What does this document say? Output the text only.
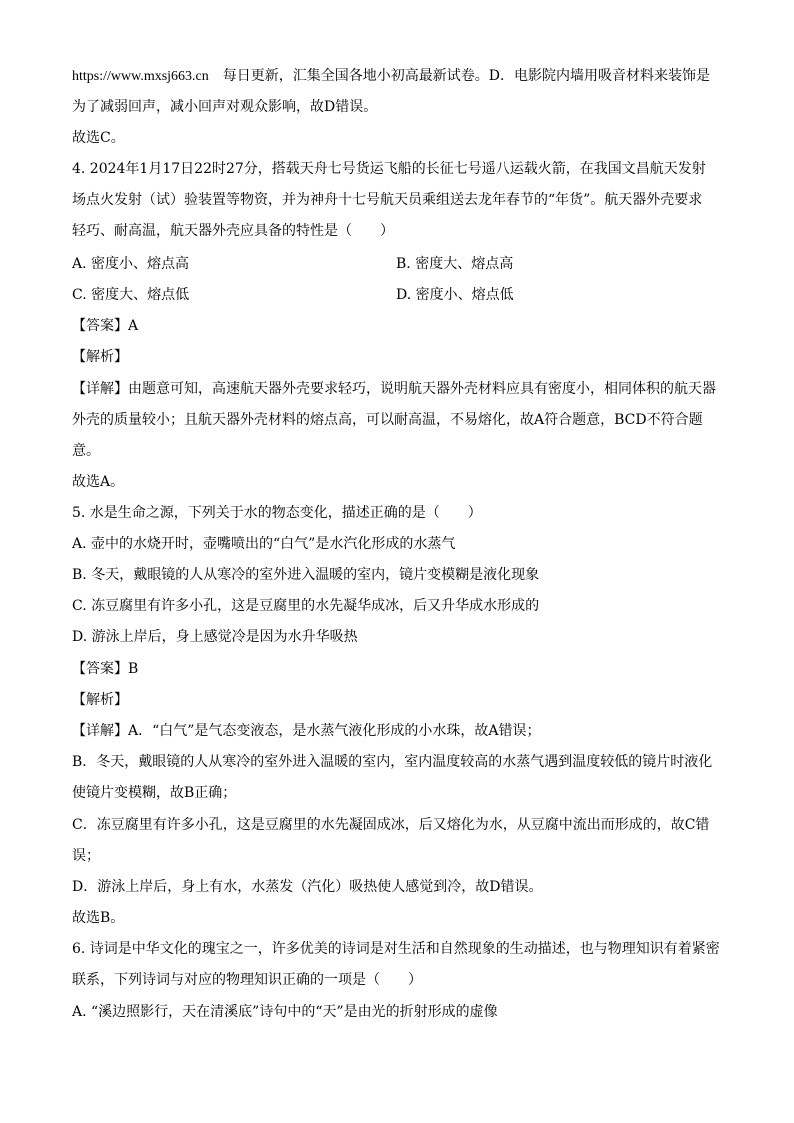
https://www.mxsj663.cn 每日更新，汇集全国各地小初高最新试卷。D．电影院内墙用吸音材料来装饰是
为了减弱回声，减小回声对观众影响，故D错误。
故选C。
4. 2024年1月17日22时27分，搭载天舟七号货运飞船的长征七号遥八运载火箭，在我国文昌航天发射
场点火发射（试）验装置等物资，并为神舟十七号航天员乘组送去龙年春节的“年货”。航天器外壳要求
轻巧、耐高温，航天器外壳应具备的特性是（　　）
A. 密度小、熔点高	B. 密度大、熔点高
C. 密度大、熔点低	D. 密度小、熔点低
【答案】A
【解析】
【详解】由题意可知，高速航天器外壳要求轻巧，说明航天器外壳材料应具有密度小，相同体积的航天器
外壳的质量较小；且航天器外壳材料的熔点高，可以耐高温，不易熔化，故A符合题意，BCD不符合题
意。
故选A。
5. 水是生命之源，下列关于水的物态变化，描述正确的是（　　）
A. 壶中的水烧开时，壶嘴喷出的“白气”是水汽化形成的水蒸气
B. 冬天，戴眼镜的人从寒冷的室外进入温暖的室内，镜片变模糊是液化现象
C. 冻豆腐里有许多小孔，这是豆腐里的水先凝华成冰，后又升华成水形成的
D. 游泳上岸后，身上感觉冷是因为水升华吸热
【答案】B
【解析】
【详解】A．“白气”是气态变液态，是水蒸气液化形成的小水珠，故A错误；
B．冬天，戴眼镜的人从寒冷的室外进入温暖的室内，室内温度较高的水蒸气遇到温度较低的镜片时液化
使镜片变模糊，故B正确；
C．冻豆腐里有许多小孔，这是豆腐里的水先凝固成冰，后又熔化为水，从豆腐中流出而形成的，故C错
误；
D．游泳上岸后，身上有水，水蒸发（汽化）吸热使人感觉到冷，故D错误。
故选B。
6. 诗词是中华文化的瑰宝之一，许多优美的诗词是对生活和自然现象的生动描述，也与物理知识有着紧密
联系，下列诗词与对应的物理知识正确的一项是（　　）
A. “溪边照影行，天在清溪底”诗句中的“天”是由光的折射形成的虚像
